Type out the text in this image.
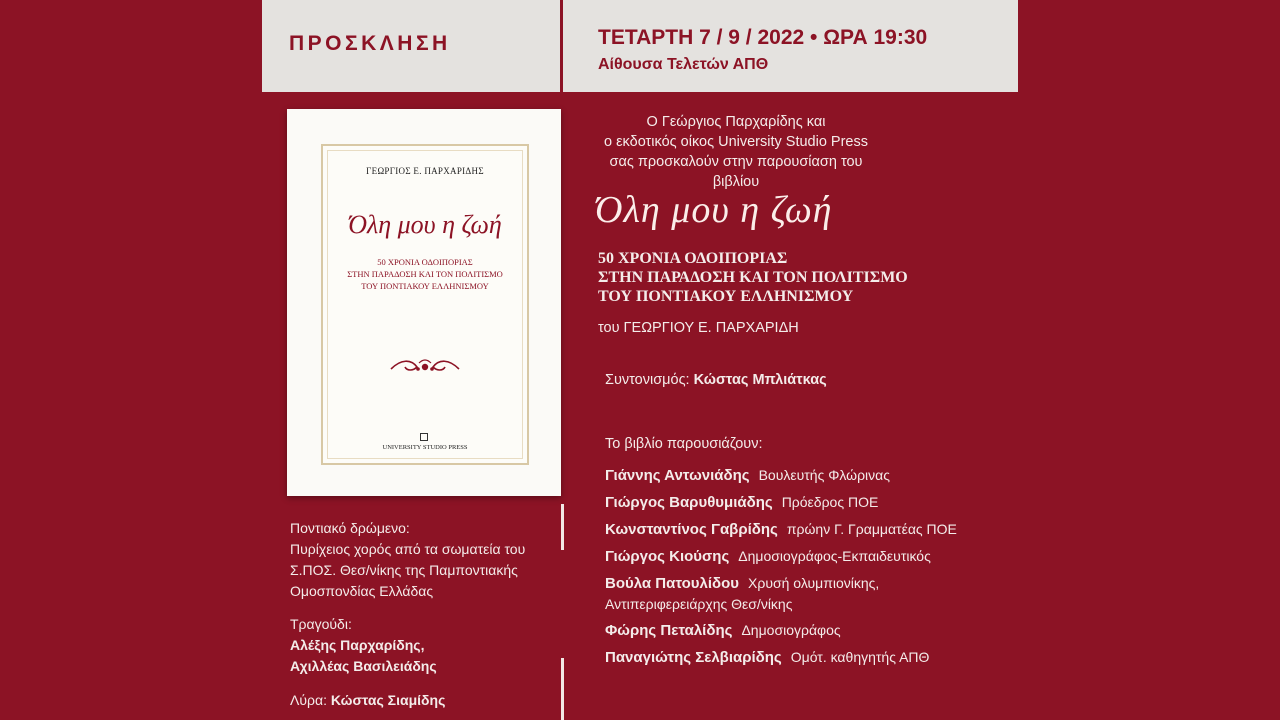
ΠΡΟΣΚΛΗΣΗ	ΤΕΤΑΡΤΗ 7 / 9 / 2022 • ΩΡΑ 19:30
Αίθουσα Τελετών ΑΠΘ
ΓΕΩΡΓΙΟΣ Ε. ΠΑΡΧΑΡΙΔΗΣ
Όλη μου η ζωή
50 ΧΡΟΝΙΑ ΟΔΟΙΠΟΡΙΑΣ
ΣΤΗΝ ΠΑΡΑΔΟΣΗ ΚΑΙ ΤΟΝ ΠΟΛΙΤΙΣΜΟ
ΤΟΥ ΠΟΝΤΙΑΚΟΥ ΕΛΛΗΝΙΣΜΟΥ
UNIVERSITY STUDIO PRESS
Ο Γεώργιος Παρχαρίδης και
ο εκδοτικός οίκος University Studio Press
σας προσκαλούν στην παρουσίαση του βιβλίου
Όλη μου η ζωή
50 ΧΡΟΝΙΑ ΟΔΟΙΠΟΡΙΑΣ
ΣΤΗΝ ΠΑΡΑΔΟΣΗ ΚΑΙ ΤΟΝ ΠΟΛΙΤΙΣΜΟ
ΤΟΥ ΠΟΝΤΙΑΚΟΥ ΕΛΛΗΝΙΣΜΟΥ
του ΓΕΩΡΓΙΟΥ Ε. ΠΑΡΧΑΡΙΔΗ
Συντονισμός: Κώστας Μπλιάτκας
Το βιβλίο παρουσιάζουν:
Γιάννης Αντωνιάδης Βουλευτής Φλώρινας
Γιώργος Βαρυθυμιάδης Πρόεδρος ΠΟΕ
Κωνσταντίνος Γαβρίδης πρώην Γ. Γραμματέας ΠΟΕ
Γιώργος Κιούσης Δημοσιογράφος-Εκπαιδευτικός
Βούλα Πατουλίδου Χρυσή ολυμπιονίκης,
Αντιπεριφερειάρχης Θεσ/νίκης
Φώρης Πεταλίδης Δημοσιογράφος
Παναγιώτης Σελβιαρίδης Ομότ. καθηγητής ΑΠΘ
Ποντιακό δρώμενο:
Πυρίχειος χορός από τα σωματεία του
Σ.ΠΟΣ. Θεσ/νίκης της Παμποντιακής
Ομοσπονδίας Ελλάδας
Τραγούδι:
Αλέξης Παρχαρίδης,
Αχιλλέας Βασιλειάδης
Λύρα: Κώστας Σιαμίδης
